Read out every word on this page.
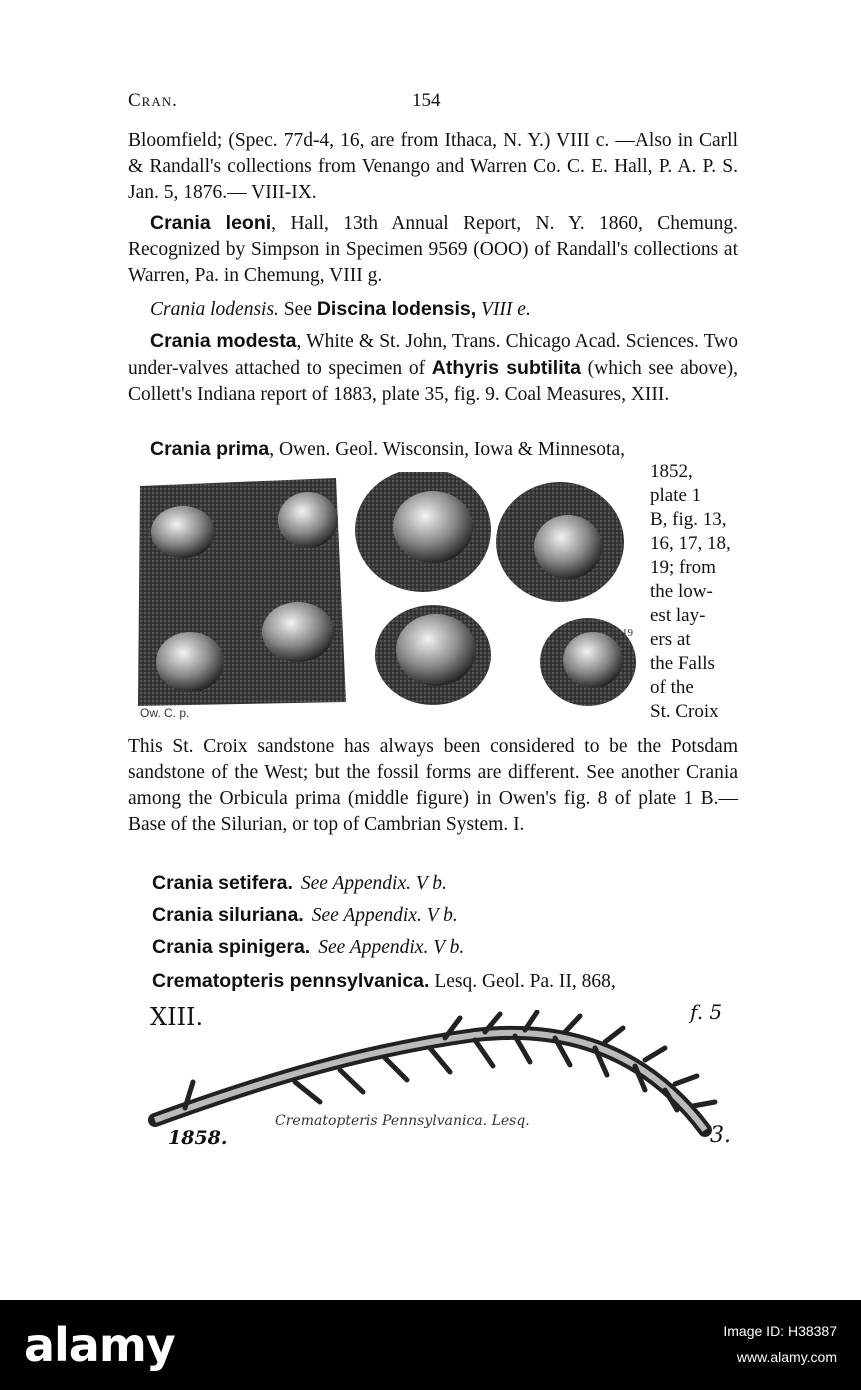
Cran.	154
Bloomfield; (Spec. 77d-4, 16, are from Ithaca, N. Y.) VIII c. —Also in Carll & Randall's collections from Venango and Warren Co. C. E. Hall, P. A. P. S. Jan. 5, 1876.— VIII-IX.
Crania leoni, Hall, 13th Annual Report, N. Y. 1860, Chemung. Recognized by Simpson in Specimen 9569 (OOO) of Randall's collections at Warren, Pa. in Chemung, VIII g.
Crania lodensis. See Discina lodensis, VIII e.
Crania modesta, White & St. John, Trans. Chicago Acad. Sciences. Two under-valves attached to specimen of Athyris subtilita (which see above), Collett's Indiana report of 1883, plate 35, fig. 9. Coal Measures, XIII.
Crania prima, Owen. Geol. Wisconsin, Iowa & Minnesota,
1852,
plate 1
B, fig. 13,
16, 17, 18,
19; from
the low-
est lay-
ers at
the Falls
of the
St. Croix
Ow. C. p.
19
This St. Croix sandstone has always been considered to be the Potsdam sandstone of the West; but the fossil forms are different. See another Crania among the Orbicula prima (middle figure) in Owen's fig. 8 of plate 1 B.—Base of the Silurian, or top of Cambrian System. I.
Crania setifera. See Appendix. V b.
Crania siluriana. See Appendix. V b.
Crania spinigera. See Appendix. V b.
Crematopteris pennsylvanica. Lesq. Geol. Pa. II, 868,
XIII.	f. 5
1858.
Crematopteris Pennsylvanica. Lesq.
3.
alamy	Image ID: H38387
www.alamy.com
